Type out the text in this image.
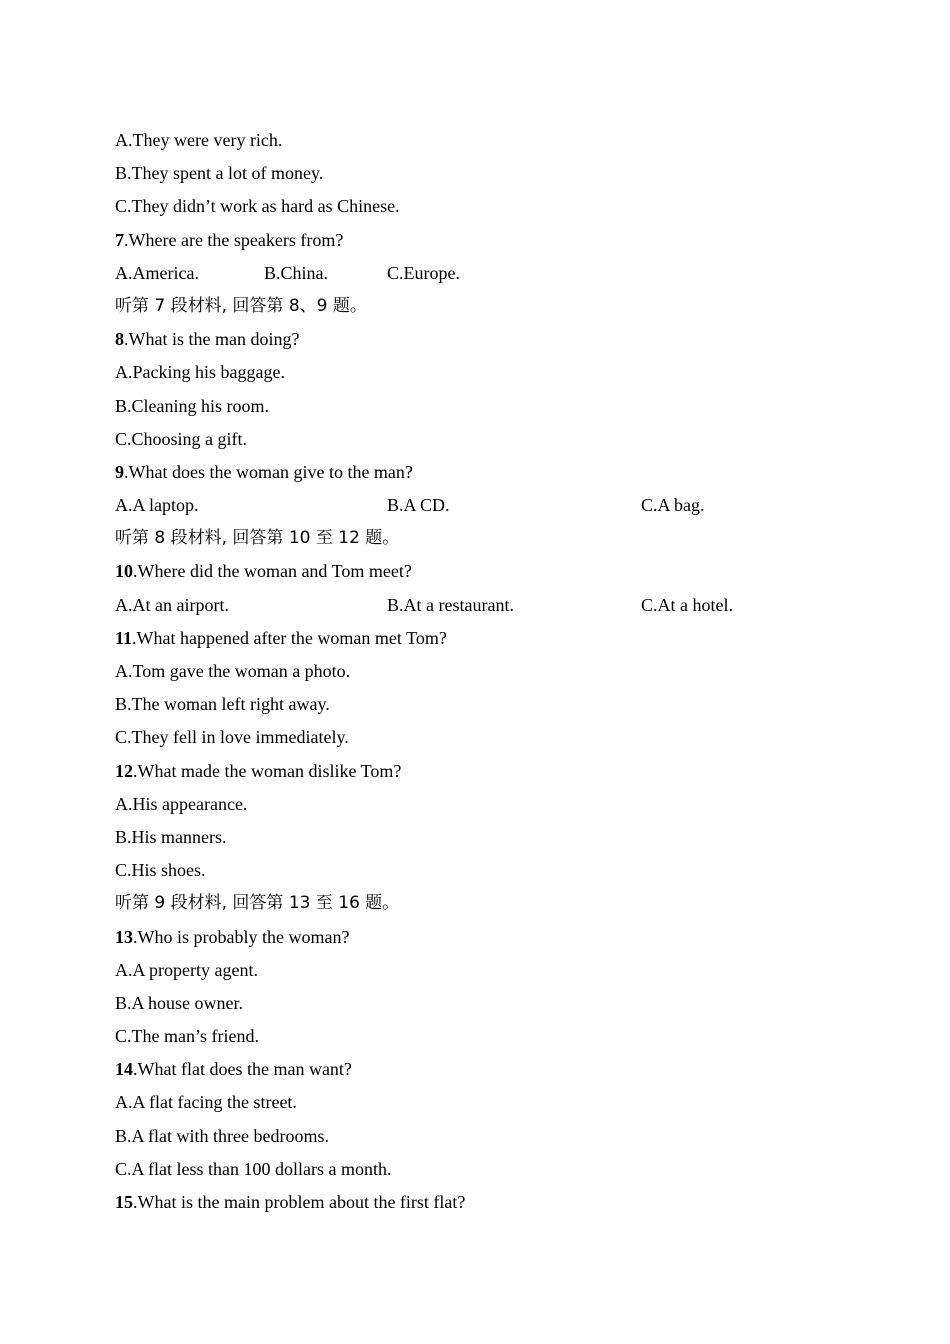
A.They were very rich.
B.They spent a lot of money.
C.They didn’t work as hard as Chinese.
7.Where are the speakers from?
A.America.	B.China.	C.Europe.
听第 7 段材料, 回答第 8、9 题。
8.What is the man doing?
A.Packing his baggage.
B.Cleaning his room.
C.Choosing a gift.
9.What does the woman give to the man?
A.A laptop.	B.A CD.	C.A bag.
听第 8 段材料, 回答第 10 至 12 题。
10.Where did the woman and Tom meet?
A.At an airport.	B.At a restaurant.	C.At a hotel.
11.What happened after the woman met Tom?
A.Tom gave the woman a photo.
B.The woman left right away.
C.They fell in love immediately.
12.What made the woman dislike Tom?
A.His appearance.
B.His manners.
C.His shoes.
听第 9 段材料, 回答第 13 至 16 题。
13.Who is probably the woman?
A.A property agent.
B.A house owner.
C.The man’s friend.
14.What flat does the man want?
A.A flat facing the street.
B.A flat with three bedrooms.
C.A flat less than 100 dollars a month.
15.What is the main problem about the first flat?
